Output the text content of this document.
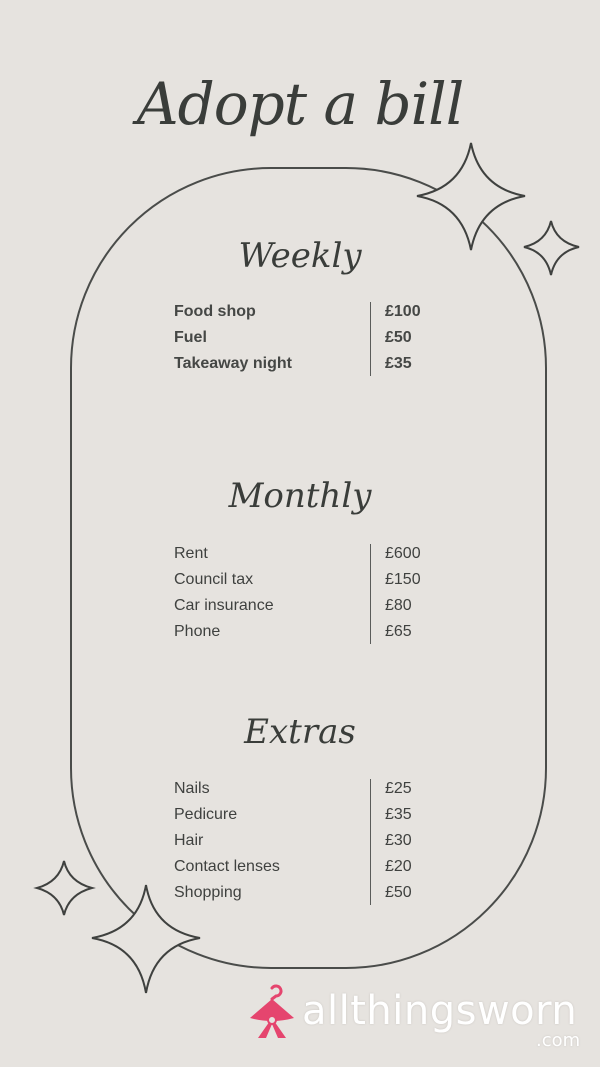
Adopt a bill
Weekly
Food shop	£100
Fuel	£50
Takeaway night	£35
Monthly
Rent	£600
Council tax	£150
Car insurance	£80
Phone	£65
Extras
Nails	£25
Pedicure	£35
Hair	£30
Contact lenses	£20
Shopping	£50
allthingsworn
.com
